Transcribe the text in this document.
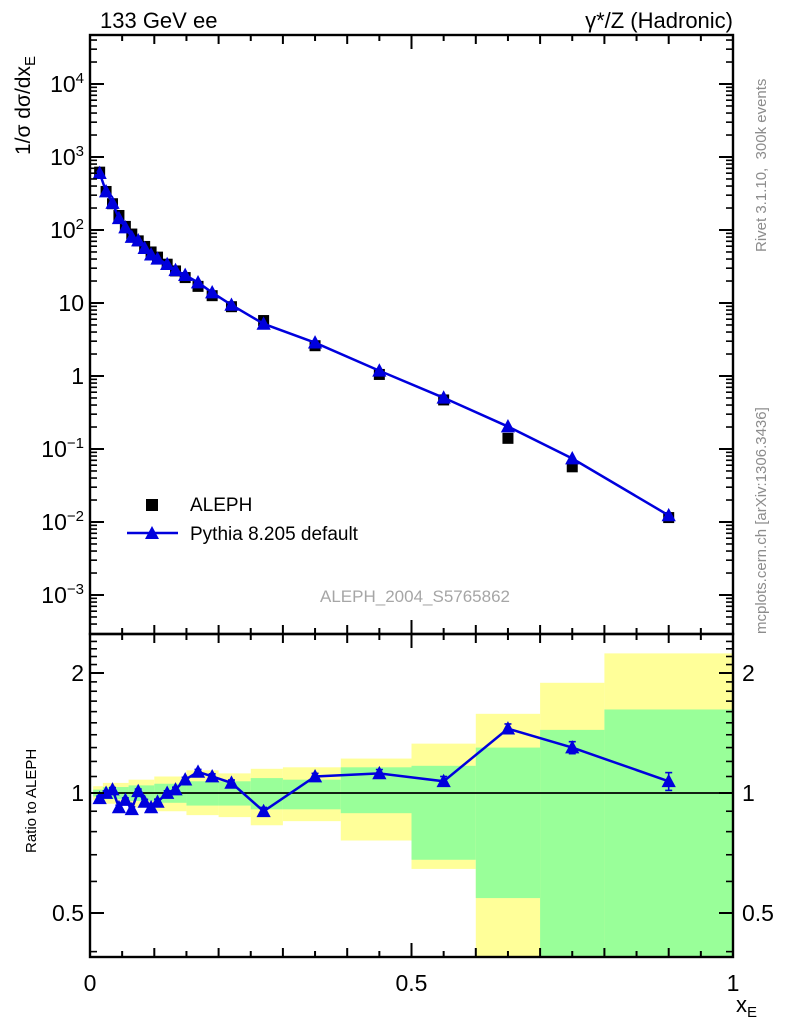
0	0.5	1
$10^4$
$10^3$
$10^2$
10
1
$10^{-1}$
$10^{-2}$
$10^{-3}$
2	2
1	1
0.5	0.5
133 GeV ee	γ*/Z (Hadronic)
1/σ $d\sigma/dx_E$
Ratio to ALEPH
$x_E$
ALEPH_2004_S5765862
Rivet 3.1.10,  300k events
mcplots.cern.ch [arXiv:1306.3436]
ALEPH
Pythia 8.205 default
